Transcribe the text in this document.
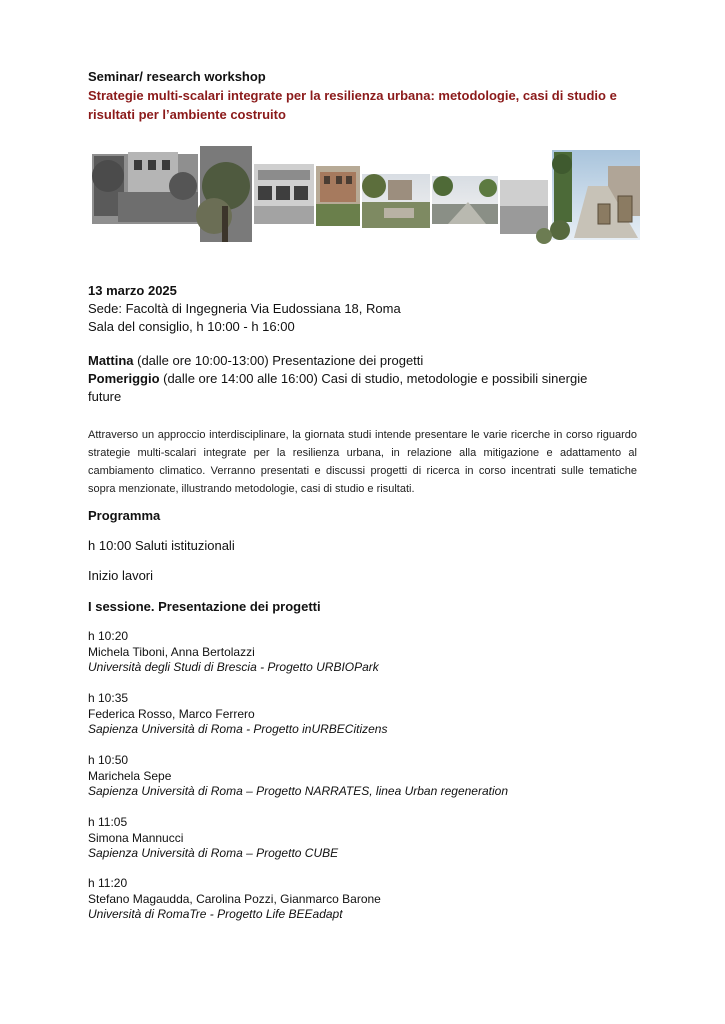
Seminar/ research workshop
Strategie multi-scalari integrate per la resilienza urbana: metodologie, casi di studio e risultati per l’ambiente costruito
13 marzo 2025
Sede: Facoltà di Ingegneria Via Eudossiana 18, Roma
Sala del consiglio, h 10:00 - h 16:00
Mattina (dalle ore 10:00-13:00) Presentazione dei progetti
Pomeriggio (dalle ore 14:00 alle 16:00) Casi di studio, metodologie e possibili sinergie future
Attraverso un approccio interdisciplinare, la giornata studi intende presentare le varie ricerche in corso riguardo strategie multi-scalari integrate per la resilienza urbana, in relazione alla mitigazione e adattamento al cambiamento climatico. Verranno presentati e discussi progetti di ricerca in corso incentrati sulle tematiche sopra menzionate, illustrando metodologie, casi di studio e risultati.
Programma
h 10:00 Saluti istituzionali
Inizio lavori
I sessione. Presentazione dei progetti
h 10:20
Michela Tiboni, Anna Bertolazzi
Università degli Studi di Brescia - Progetto URBIOPark
h 10:35
Federica Rosso, Marco Ferrero
Sapienza Università di Roma - Progetto inURBECitizens
h 10:50
Marichela Sepe
Sapienza Università di Roma – Progetto NARRATES, linea Urban regeneration
h 11:05
Simona Mannucci
Sapienza Università di Roma – Progetto CUBE
h 11:20
Stefano Magaudda, Carolina Pozzi, Gianmarco Barone
Università di RomaTre - Progetto Life BEEadapt
